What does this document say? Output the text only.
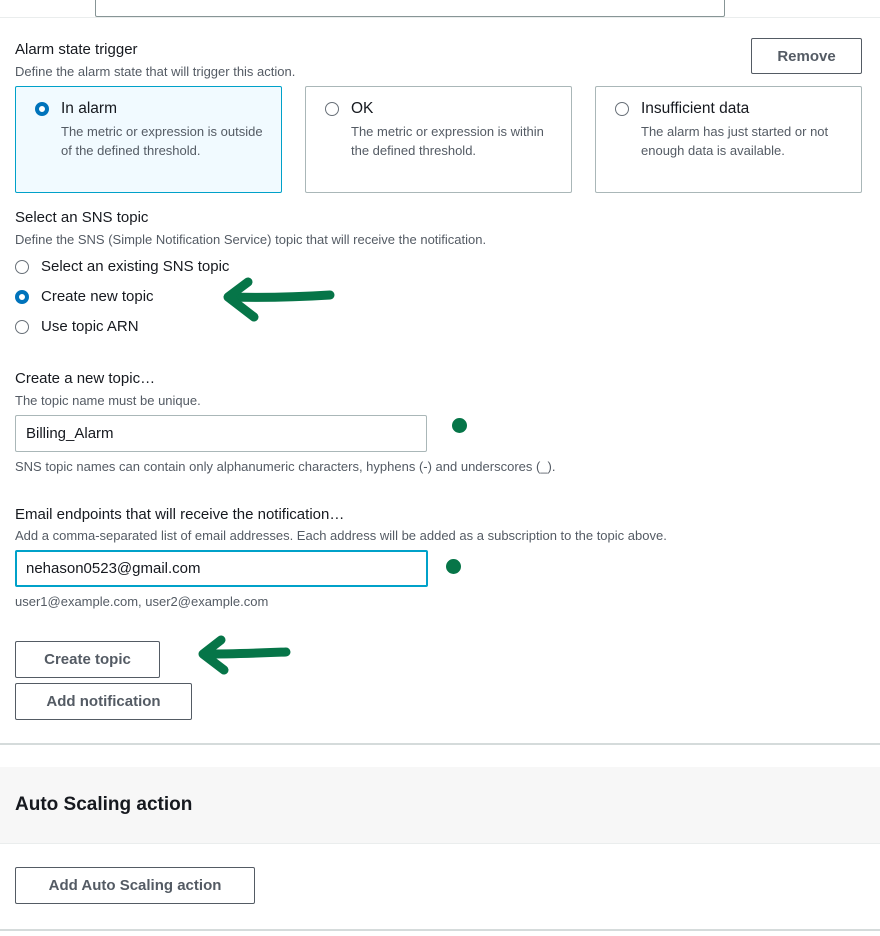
Alarm state trigger
Define the alarm state that will trigger this action.
Remove
In alarm
The metric or expression is outside of the defined threshold.
OK
The metric or expression is within the defined threshold.
Insufficient data
The alarm has just started or not enough data is available.
Select an SNS topic
Define the SNS (Simple Notification Service) topic that will receive the notification.
Select an existing SNS topic
Create new topic
Use topic ARN
Create a new topic…
The topic name must be unique.
Billing_Alarm
SNS topic names can contain only alphanumeric characters, hyphens (-) and underscores (_).
Email endpoints that will receive the notification…
Add a comma-separated list of email addresses. Each address will be added as a subscription to the topic above.
nehason0523@gmail.com
user1@example.com, user2@example.com
Create topic
Add notification
Auto Scaling action
Add Auto Scaling action
